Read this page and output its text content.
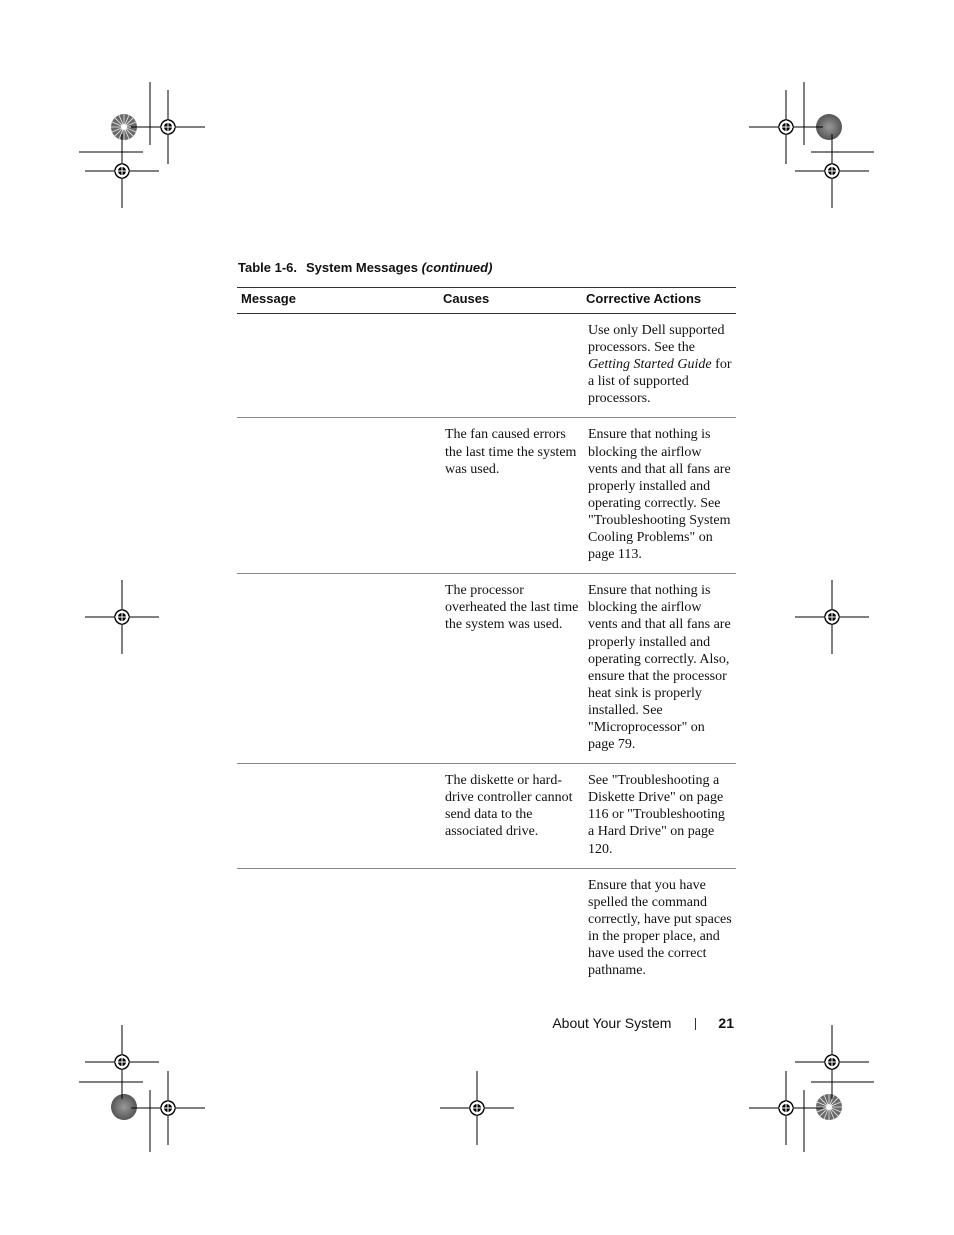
Table 1-6. System Messages (continued)
Message	Causes	Corrective Actions
		Use only Dell supported processors. See the Getting Started Guide for a list of supported processors.
	The fan caused errors the last time the system was used.	Ensure that nothing is blocking the airflow vents and that all fans are properly installed and operating correctly. See "Troubleshooting System Cooling Problems" on page 113.
	The processor overheated the last time the system was used.	Ensure that nothing is blocking the airflow vents and that all fans are properly installed and operating correctly. Also, ensure that the processor heat sink is properly installed. See "Microprocessor" on page 79.
	The diskette or hard-drive controller cannot send data to the associated drive.	See "Troubleshooting a Diskette Drive" on page 116 or "Troubleshooting a Hard Drive" on page 120.
		Ensure that you have spelled the command correctly, have put spaces in the proper place, and have used the correct pathname.
About Your System	21
